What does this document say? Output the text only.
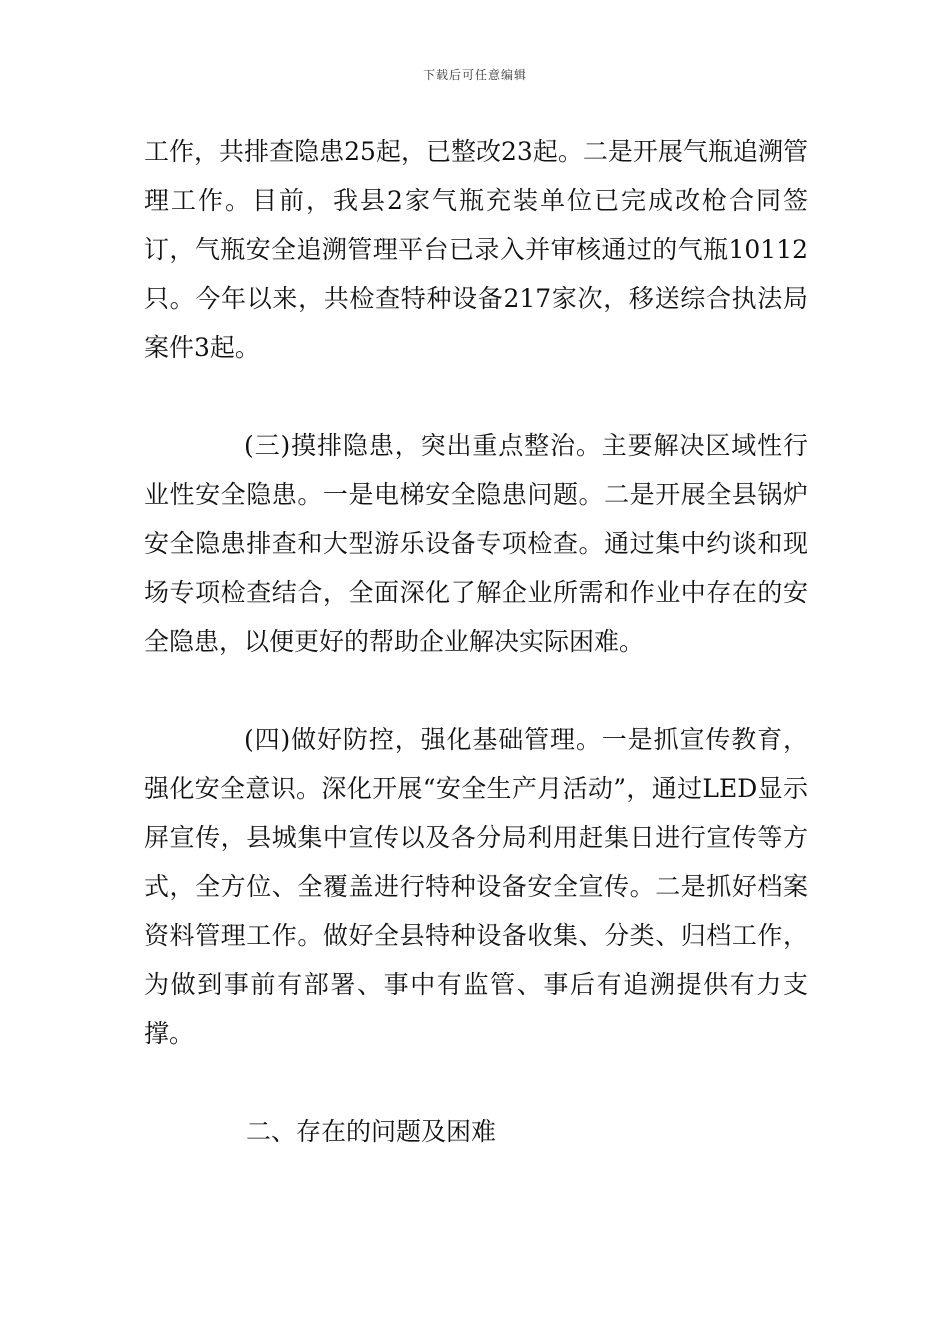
下载后可任意编辑

工作，共排查隐患25起，已整改23起。二是开展气瓶追溯管理工作。目前，我县2家气瓶充装单位已完成改枪合同签订，气瓶安全追溯管理平台已录入并审核通过的气瓶10112只。今年以来，共检查特种设备217家次，移送综合执法局案件3起。

(三)摸排隐患，突出重点整治。主要解决区域性行业性安全隐患。一是电梯安全隐患问题。二是开展全县锅炉安全隐患排查和大型游乐设备专项检查。通过集中约谈和现场专项检查结合，全面深化了解企业所需和作业中存在的安全隐患，以便更好的帮助企业解决实际困难。

(四)做好防控，强化基础管理。一是抓宣传教育，强化安全意识。深化开展“安全生产月活动”，通过LED显示屏宣传，县城集中宣传以及各分局利用赶集日进行宣传等方式，全方位、全覆盖进行特种设备安全宣传。二是抓好档案资料管理工作。做好全县特种设备收集、分类、归档工作，为做到事前有部署、事中有监管、事后有追溯提供有力支撑。

二、存在的问题及困难
